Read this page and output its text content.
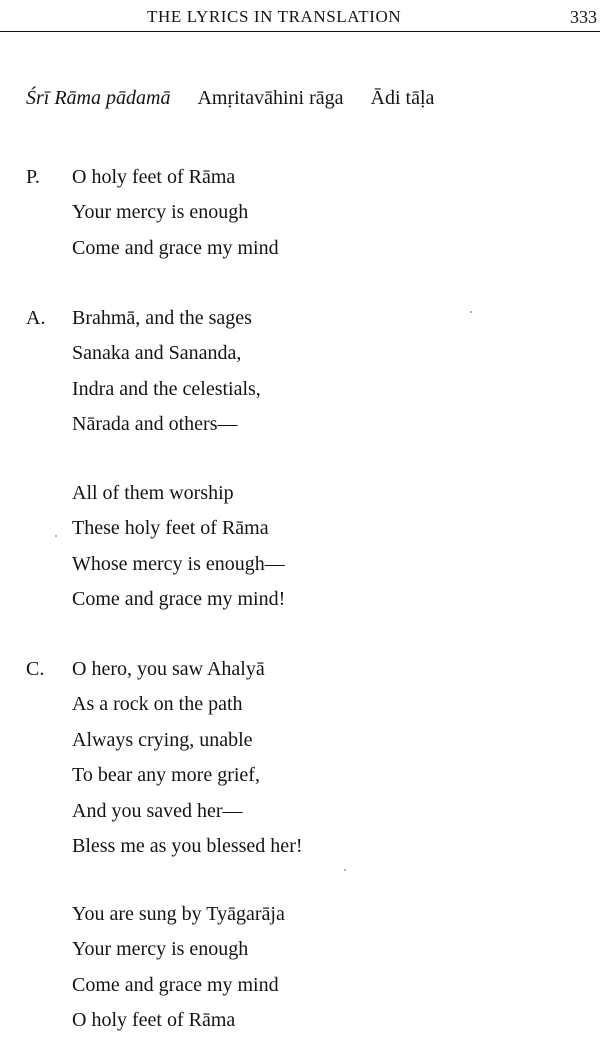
THE LYRICS IN TRANSLATION	333
Śrī Rāma pādamā Amṛitavāhini rāga Ādi tāḷa
P. O holy feet of Rāma
Your mercy is enough
Come and grace my mind
A. Brahmā, and the sages
Sanaka and Sananda,
Indra and the celestials,
Nārada and others—
All of them worship
These holy feet of Rāma
Whose mercy is enough—
Come and grace my mind!
C. O hero, you saw Ahalyā
As a rock on the path
Always crying, unable
To bear any more grief,
And you saved her—
Bless me as you blessed her!
You are sung by Tyāgarāja
Your mercy is enough
Come and grace my mind
O holy feet of Rāma
